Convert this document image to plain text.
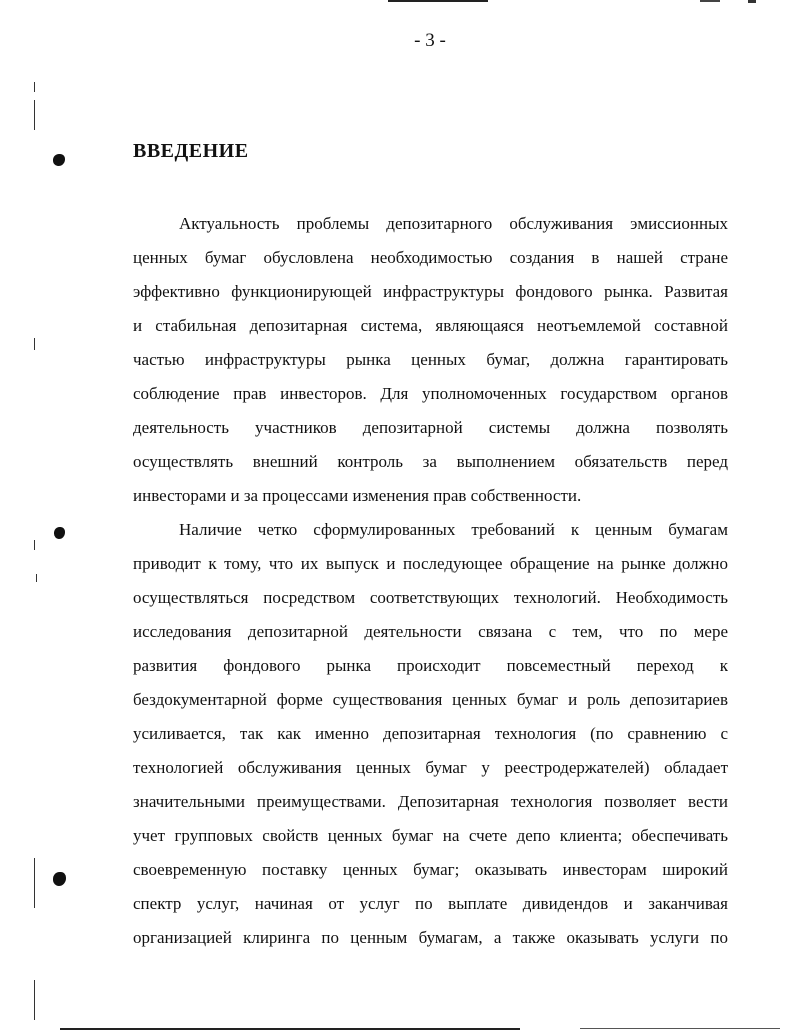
- 3 -
ВВЕДЕНИЕ
Актуальность проблемы депозитарного обслуживания эмиссионных
ценных бумаг обусловлена необходимостью создания в нашей стране
эффективно функционирующей инфраструктуры фондового рынка. Развитая
и стабильная депозитарная система, являющаяся неотъемлемой составной
частью инфраструктуры рынка ценных бумаг, должна гарантировать
соблюдение прав инвесторов. Для уполномоченных государством органов
деятельность участников депозитарной системы должна позволять
осуществлять внешний контроль за выполнением обязательств перед
инвесторами и за процессами изменения прав собственности.
Наличие четко сформулированных требований к ценным бумагам
приводит к тому, что их выпуск и последующее обращение на рынке должно
осуществляться посредством соответствующих технологий. Необходимость
исследования депозитарной деятельности связана с тем, что по мере
развития фондового рынка происходит повсеместный переход к
бездокументарной форме существования ценных бумаг и роль депозитариев
усиливается, так как именно депозитарная технология (по сравнению с
технологией обслуживания ценных бумаг у реестродержателей) обладает
значительными преимуществами. Депозитарная технология позволяет вести
учет групповых свойств ценных бумаг на счете депо клиента; обеспечивать
своевременную поставку ценных бумаг; оказывать инвесторам широкий
спектр услуг, начиная от услуг по выплате дивидендов и заканчивая
организацией клиринга по ценным бумагам, а также оказывать услуги по
